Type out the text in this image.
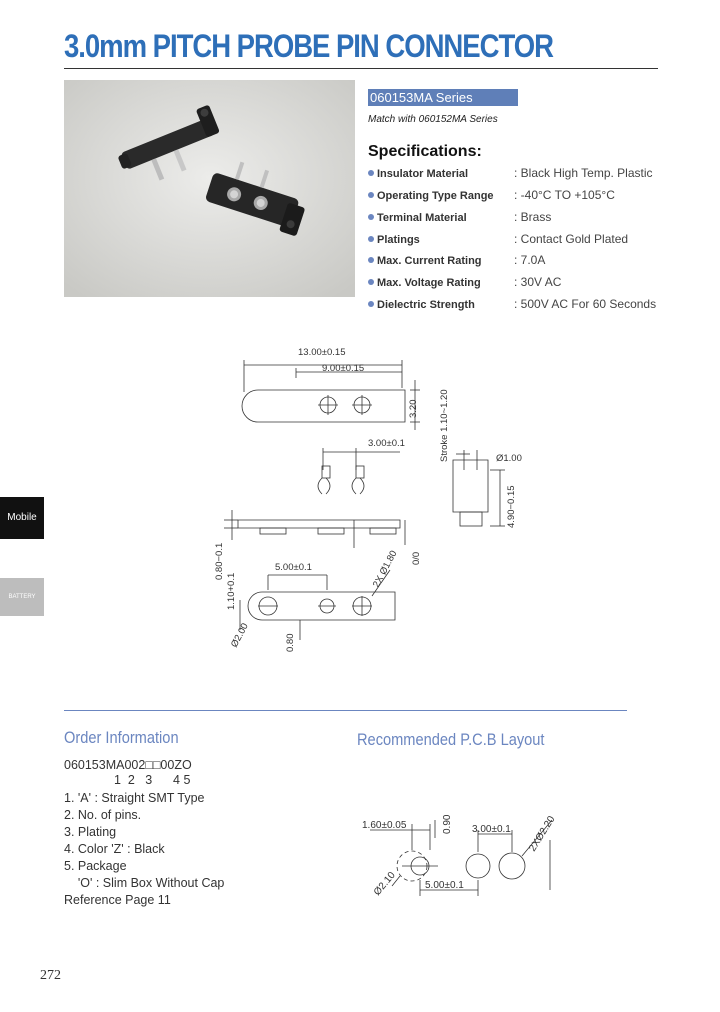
3.0mm PITCH PROBE PIN CONNECTOR
060153MA Series
Match with 060152MA Series
Specifications:
Insulator Material	: Black High Temp. Plastic
Operating Type Range : -40°C TO +105°C
Terminal Material	: Brass
Platings	: Contact Gold Plated
Max. Current Rating	: 7.0A
Max. Voltage Rating	: 30V AC
Dielectric Strength	: 500V AC For 60 Seconds
13.00±0.15
9.00±0.15
3.20 Stroke 1.10~1.20
3.00±0.1
Ø1.00
4.90−0.15
0.80−0.1
1.10+0.1
5.00±0.1	2X Ø1.80 0/0
Ø2.00	0.80
Mobile
BATTERY
Order Information
060153MA002□□00ZO
1  2   3      4 5
1. 'A' : Straight SMT Type
2. No. of pins.
3. Plating
4. Color 'Z' : Black
5. Package
'O' : Slim Box Without Cap
Reference Page 11
Recommended P.C.B Layout
1.60±0.05	0.90 3.00±0.1 2XØ2.20
Ø2.10	5.00±0.1
272
